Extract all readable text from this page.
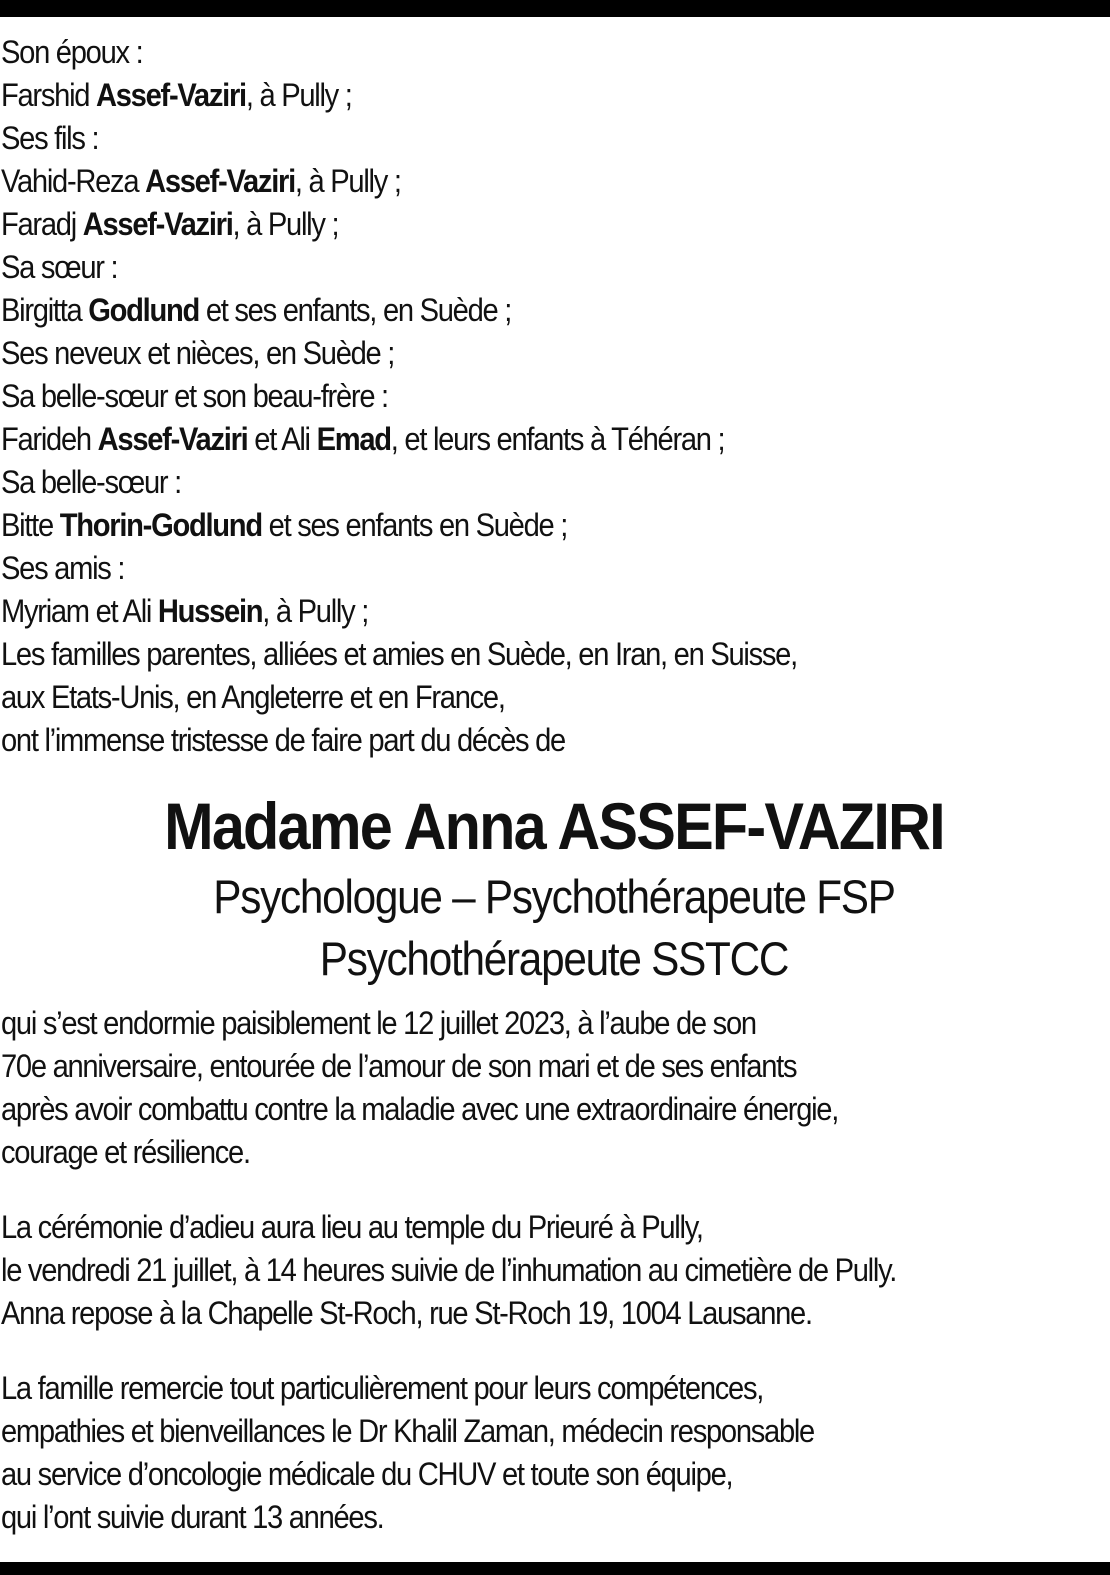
Son époux :
Farshid Assef-Vaziri, à Pully ;
Ses fils :
Vahid-Reza Assef-Vaziri, à Pully ;
Faradj Assef-Vaziri, à Pully ;
Sa sœur :
Birgitta Godlund et ses enfants, en Suède ;
Ses neveux et nièces, en Suède ;
Sa belle-sœur et son beau-frère :
Farideh Assef-Vaziri et Ali Emad, et leurs enfants à Téhéran ;
Sa belle-sœur :
Bitte Thorin-Godlund et ses enfants en Suède ;
Ses amis :
Myriam et Ali Hussein, à Pully ;
Les familles parentes, alliées et amies en Suède, en Iran, en Suisse,
aux Etats-Unis, en Angleterre et en France,
ont l’immense tristesse de faire part du décès de
Madame Anna ASSEF-VAZIRI
Psychologue – Psychothérapeute FSP
Psychothérapeute SSTCC
qui s’est endormie paisiblement le 12 juillet 2023, à l’aube de son
70e anniversaire, entourée de l’amour de son mari et de ses enfants
après avoir combattu contre la maladie avec une extraordinaire énergie,
courage et résilience.
La cérémonie d’adieu aura lieu au temple du Prieuré à Pully,
le vendredi 21 juillet, à 14 heures suivie de l’inhumation au cimetière de Pully.
Anna repose à la Chapelle St-Roch, rue St-Roch 19, 1004 Lausanne.
La famille remercie tout particulièrement pour leurs compétences,
empathies et bienveillances le Dr Khalil Zaman, médecin responsable
au service d’oncologie médicale du CHUV et toute son équipe,
qui l’ont suivie durant 13 années.
